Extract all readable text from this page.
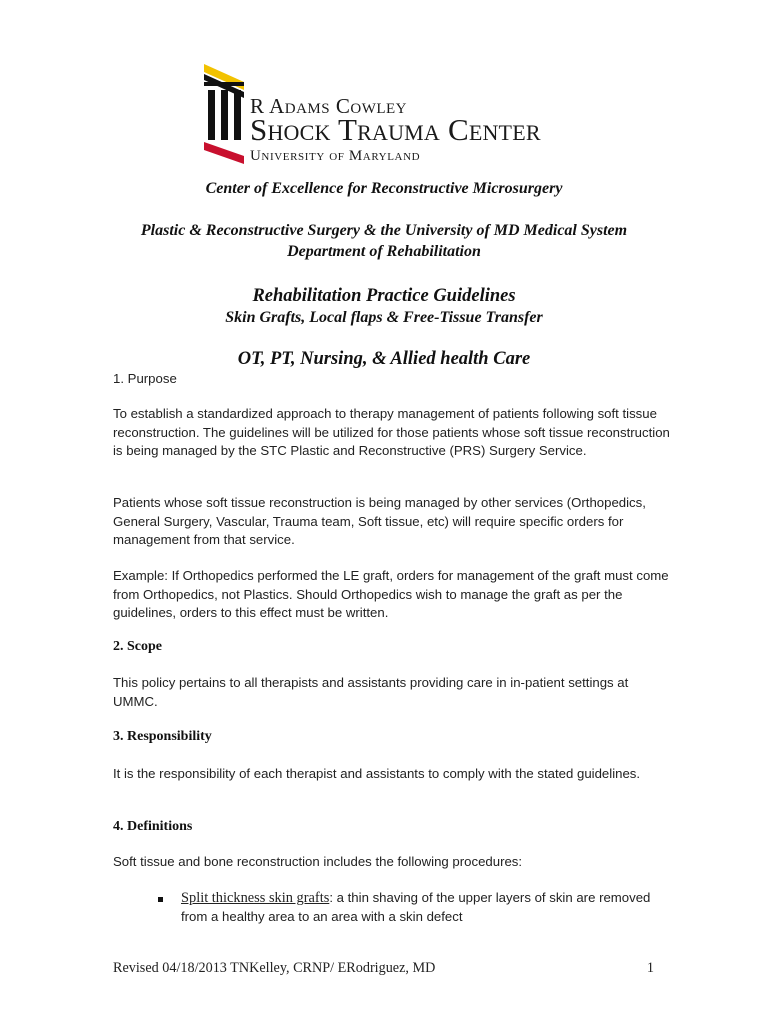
R Adams Cowley
Shock Trauma Center
University of Maryland
Center of Excellence for Reconstructive Microsurgery
Plastic & Reconstructive Surgery & the University of MD Medical System
Department of Rehabilitation
Rehabilitation Practice Guidelines
Skin Grafts, Local flaps & Free-Tissue Transfer
OT, PT, Nursing, & Allied health Care
1. Purpose
To establish a standardized approach to therapy management of patients following soft tissue reconstruction. The guidelines will be utilized for those patients whose soft tissue reconstruction is being managed by the STC Plastic and Reconstructive (PRS) Surgery Service.
Patients whose soft tissue reconstruction is being managed by other services (Orthopedics, General Surgery, Vascular, Trauma team, Soft tissue, etc) will require specific orders for management from that service.
Example: If Orthopedics performed the LE graft, orders for management of the graft must come from Orthopedics, not Plastics. Should Orthopedics wish to manage the graft as per the guidelines, orders to this effect must be written.
2. Scope
This policy pertains to all therapists and assistants providing care in in-patient settings at UMMC.
3. Responsibility
It is the responsibility of each therapist and assistants to comply with the stated guidelines.
4. Definitions
Soft tissue and bone reconstruction includes the following procedures:
Split thickness skin grafts: a thin shaving of the upper layers of skin are removed from a healthy area to an area with a skin defect
Revised 04/18/2013 TNKelley, CRNP/ ERodriguez, MD	1
